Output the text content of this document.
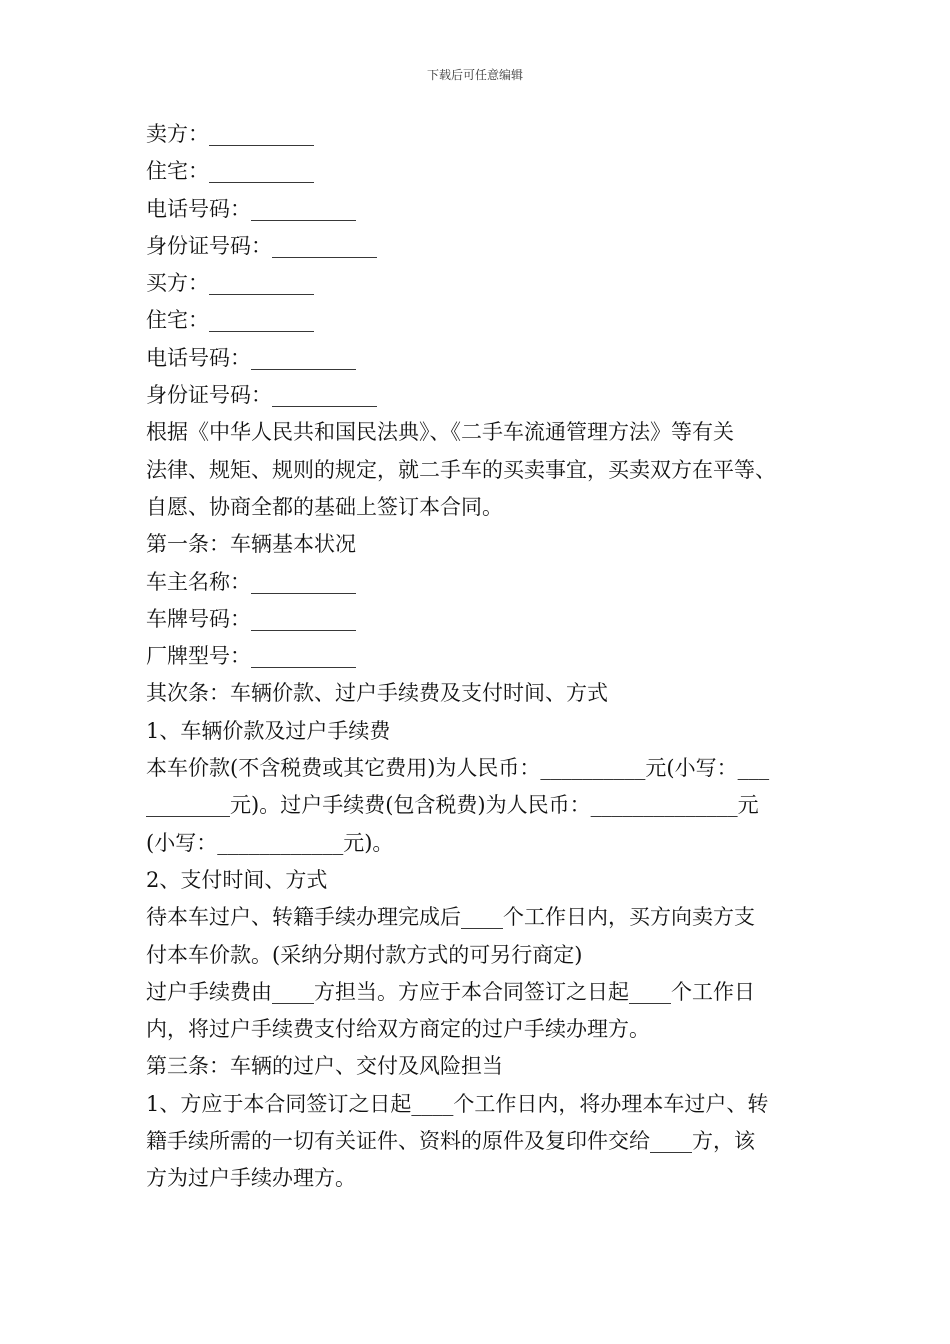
下载后可任意编辑

卖方：__________

住宅：__________

电话号码：__________

身份证号码：__________

买方：__________

住宅：__________

电话号码：__________

身份证号码：__________

根据《中华人民共和国民法典》、《二手车流通管理方法》等有关

法律、规矩、规则的规定，就二手车的买卖事宜，买卖双方在平等、

自愿、协商全都的基础上签订本合同。

第一条：车辆基本状况

车主名称：__________

车牌号码：__________

厂牌型号：__________

其次条：车辆价款、过户手续费及支付时间、方式

1、车辆价款及过户手续费

本车价款(不含税费或其它费用)为人民币：__________元(小写：___

________元)。过户手续费(包含税费)为人民币：______________元

(小写：____________元)。

2、支付时间、方式

待本车过户、转籍手续办理完成后____个工作日内，买方向卖方支

付本车价款。(采纳分期付款方式的可另行商定)

过户手续费由____方担当。方应于本合同签订之日起____个工作日

内，将过户手续费支付给双方商定的过户手续办理方。

第三条：车辆的过户、交付及风险担当

1、方应于本合同签订之日起____个工作日内，将办理本车过户、转

籍手续所需的一切有关证件、资料的原件及复印件交给____方，该

方为过户手续办理方。
